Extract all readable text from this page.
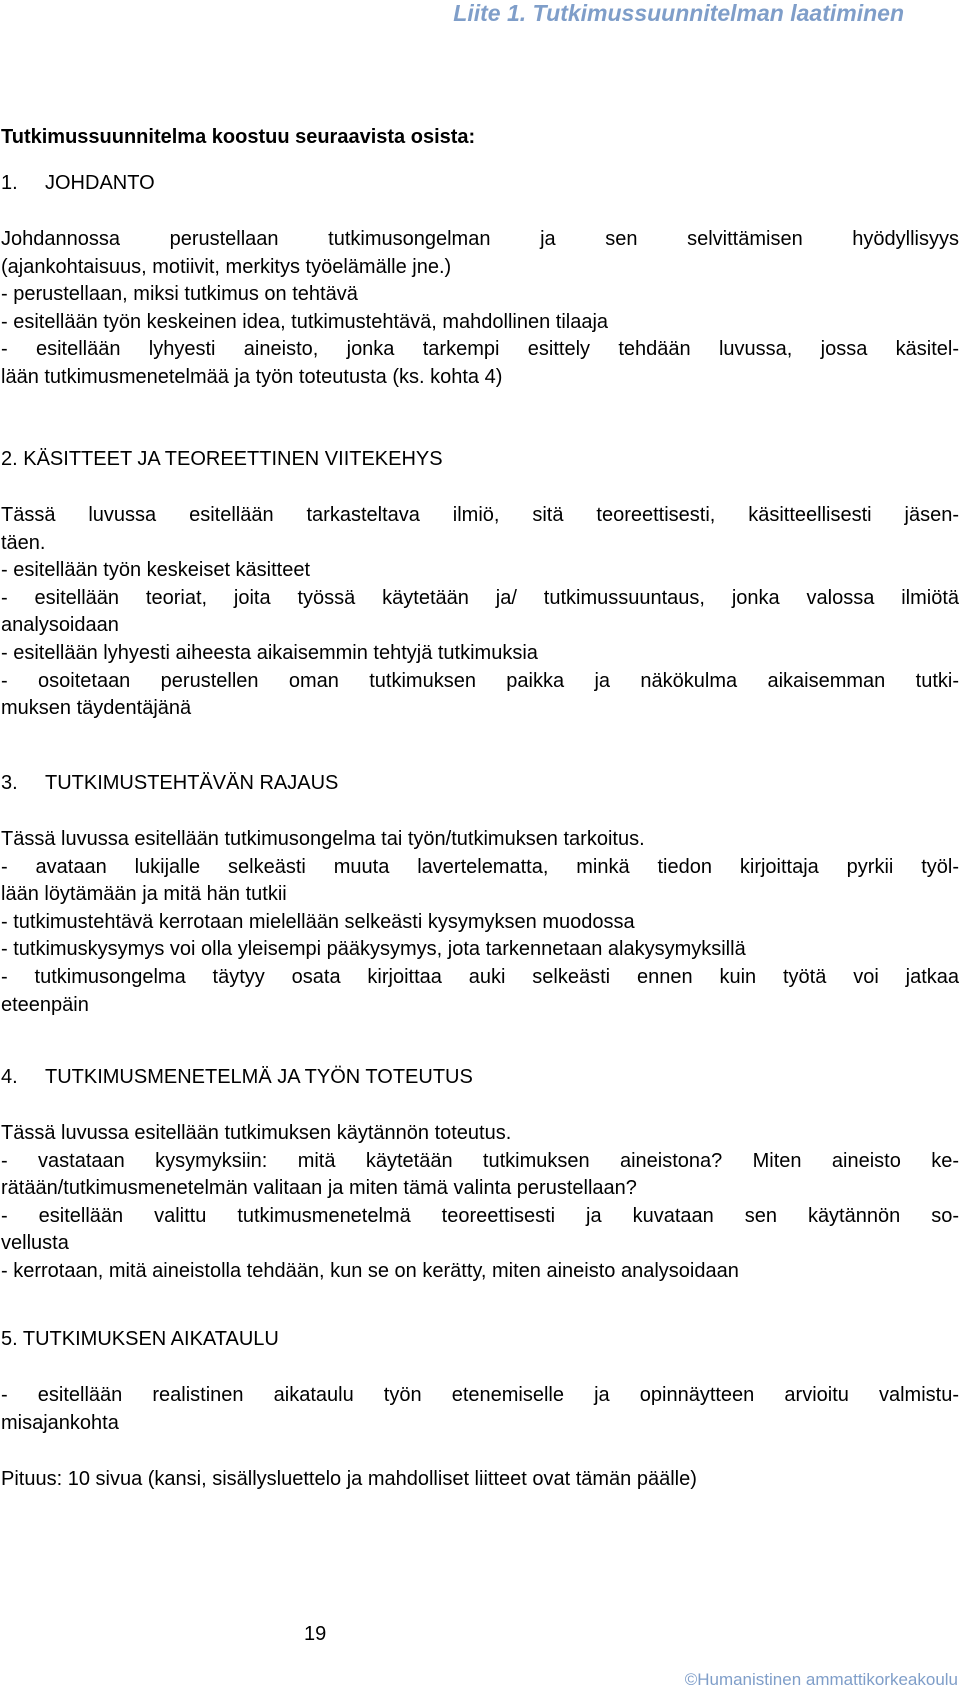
Liite 1. Tutkimussuunnitelman laatiminen
Tutkimussuunnitelma koostuu seuraavista osista:
1. JOHDANTO
Johdannossa perustellaan tutkimusongelman ja sen selvittämisen hyödyllisyys
(ajankohtaisuus, motiivit, merkitys työelämälle jne.)
- perustellaan, miksi tutkimus on tehtävä
- esitellään työn keskeinen idea, tutkimustehtävä, mahdollinen tilaaja
- esitellään lyhyesti aineisto, jonka tarkempi esittely tehdään luvussa, jossa käsitel-
lään tutkimusmenetelmää ja työn toteutusta (ks. kohta 4)
2. KÄSITTEET JA TEOREETTINEN VIITEKEHYS
Tässä luvussa esitellään tarkasteltava ilmiö, sitä teoreettisesti, käsitteellisesti jäsen-
täen.
- esitellään työn keskeiset käsitteet
- esitellään teoriat, joita työssä käytetään ja/ tutkimussuuntaus, jonka valossa ilmiötä
analysoidaan
- esitellään lyhyesti aiheesta aikaisemmin tehtyjä tutkimuksia
- osoitetaan perustellen oman tutkimuksen paikka ja näkökulma aikaisemman tutki-
muksen täydentäjänä
3. TUTKIMUSTEHTÄVÄN RAJAUS
Tässä luvussa esitellään tutkimusongelma tai työn/tutkimuksen tarkoitus.
- avataan lukijalle selkeästi muuta lavertelematta, minkä tiedon kirjoittaja pyrkii työl-
lään löytämään ja mitä hän tutkii
- tutkimustehtävä kerrotaan mielellään selkeästi kysymyksen muodossa
- tutkimuskysymys voi olla yleisempi pääkysymys, jota tarkennetaan alakysymyksillä
- tutkimusongelma täytyy osata kirjoittaa auki selkeästi ennen kuin työtä voi jatkaa
eteenpäin
4. TUTKIMUSMENETELMÄ JA TYÖN TOTEUTUS
Tässä luvussa esitellään tutkimuksen käytännön toteutus.
- vastataan kysymyksiin: mitä käytetään tutkimuksen aineistona? Miten aineisto ke-
rätään/tutkimusmenetelmän valitaan ja miten tämä valinta perustellaan?
- esitellään valittu tutkimusmenetelmä teoreettisesti ja kuvataan sen käytännön so-
vellusta
- kerrotaan, mitä aineistolla tehdään, kun se on kerätty, miten aineisto analysoidaan
5. TUTKIMUKSEN AIKATAULU
- esitellään realistinen aikataulu työn etenemiselle ja opinnäytteen arvioitu valmistu-
misajankohta
Pituus: 10 sivua (kansi, sisällysluettelo ja mahdolliset liitteet ovat tämän päälle)
19
©Humanistinen ammattikorkeakoulu
